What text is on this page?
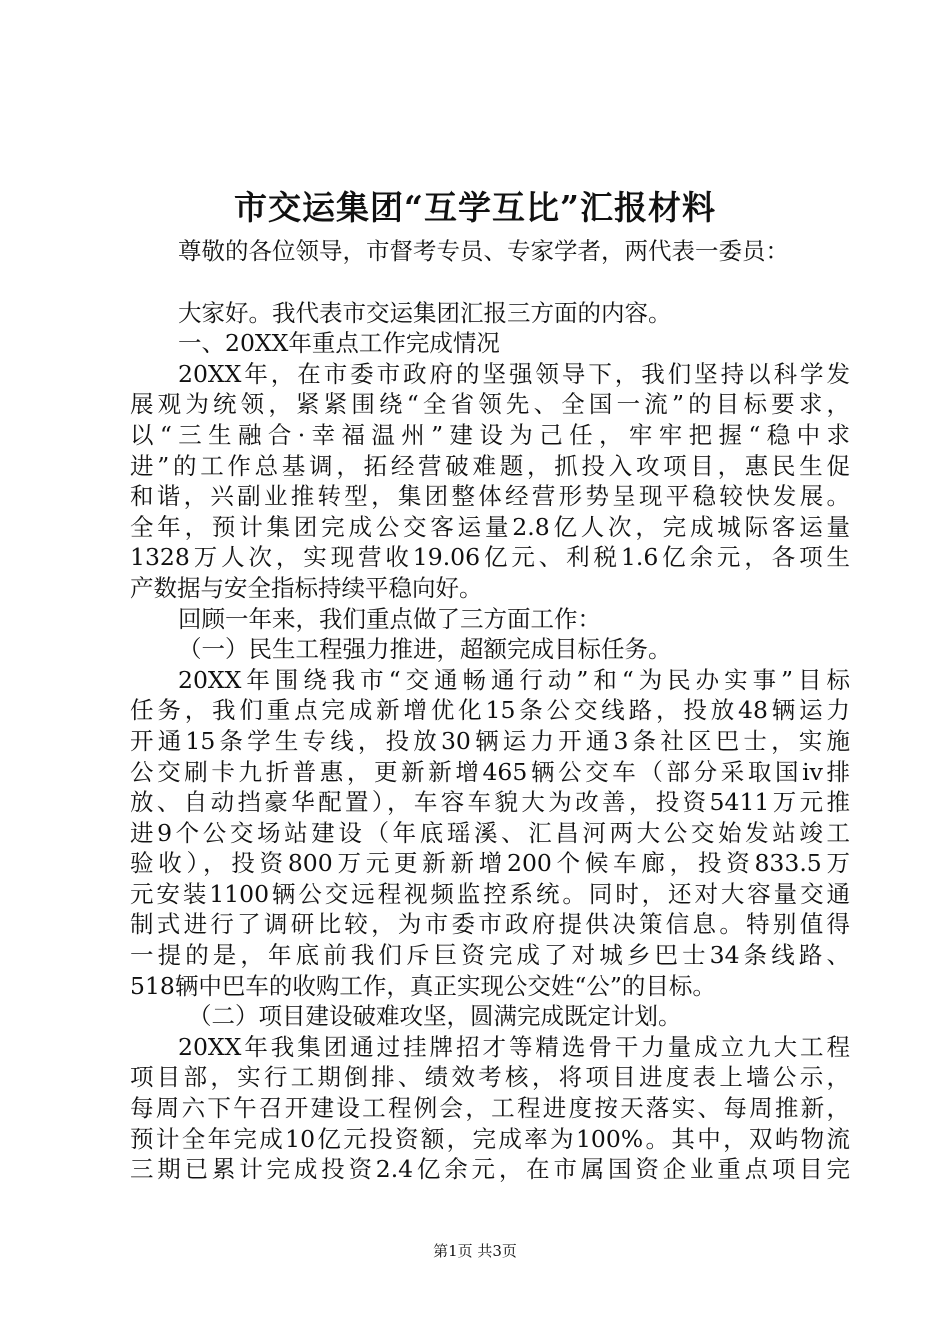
市交运集团“互学互比”汇报材料
尊敬的各位领导，市督考专员、专家学者，两代表一委员：
大家好。我代表市交运集团汇报三方面的内容。
一、20XX年重点工作完成情况
20XX年，在市委市政府的坚强领导下，我们坚持以科学发
展观为统领，紧紧围绕“全省领先、全国一流”的目标要求，
以“三生融合·幸福温州”建设为己任，牢牢把握“稳中求
进”的工作总基调，拓经营破难题，抓投入攻项目，惠民生促
和谐，兴副业推转型，集团整体经营形势呈现平稳较快发展。
全年，预计集团完成公交客运量2.8亿人次，完成城际客运量
1328万人次，实现营收19.06亿元、利税1.6亿余元，各项生
产数据与安全指标持续平稳向好。
回顾一年来，我们重点做了三方面工作：
（一）民生工程强力推进，超额完成目标任务。
20XX年围绕我市“交通畅通行动”和“为民办实事”目标
任务，我们重点完成新增优化15条公交线路，投放48辆运力
开通15条学生专线，投放30辆运力开通3条社区巴士，实施
公交刷卡九折普惠，更新新增465辆公交车（部分采取国iv排
放、自动挡豪华配置），车容车貌大为改善，投资5411万元推
进9个公交场站建设（年底瑶溪、汇昌河两大公交始发站竣工
验收），投资800万元更新新增200个候车廊，投资833.5万
元安装1100辆公交远程视频监控系统。同时，还对大容量交通
制式进行了调研比较，为市委市政府提供决策信息。特别值得
一提的是，年底前我们斥巨资完成了对城乡巴士34条线路、
518辆中巴车的收购工作，真正实现公交姓“公”的目标。
（二）项目建设破难攻坚，圆满完成既定计划。
20XX年我集团通过挂牌招才等精选骨干力量成立九大工程
项目部，实行工期倒排、绩效考核，将项目进度表上墙公示，
每周六下午召开建设工程例会，工程进度按天落实、每周推新，
预计全年完成10亿元投资额，完成率为100%。其中，双屿物流
三期已累计完成投资2.4亿余元，在市属国资企业重点项目完
第1页 共3页
